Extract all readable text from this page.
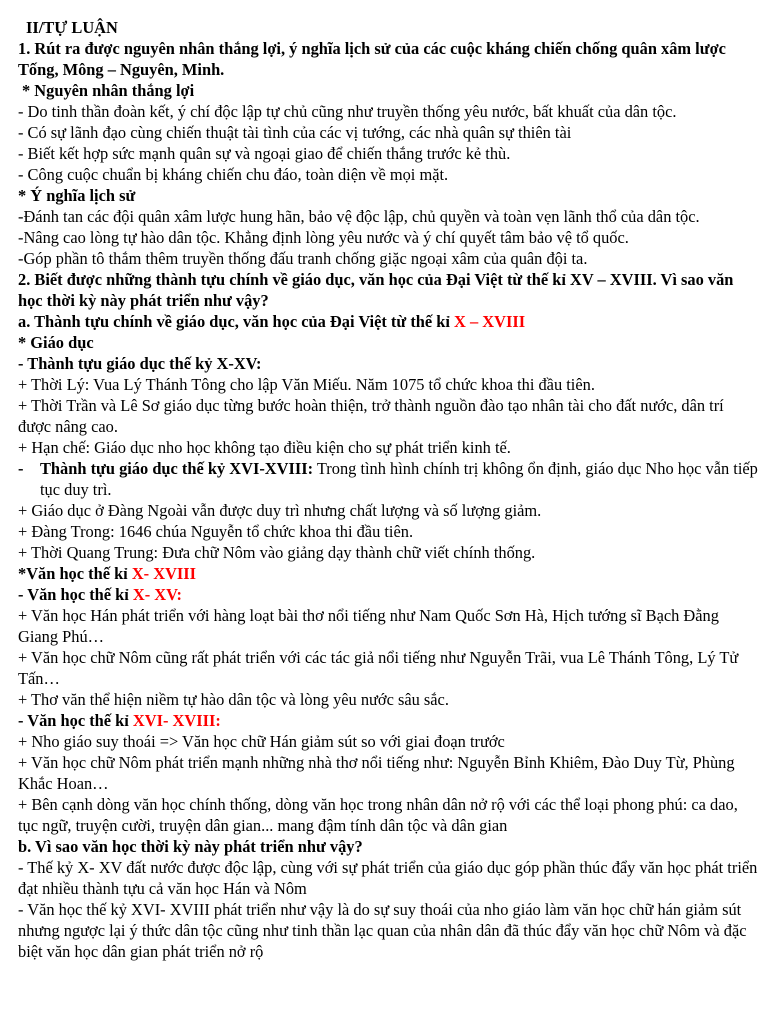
II/TỰ LUẬN

1. Rút ra được nguyên nhân thắng lợi, ý nghĩa lịch sử của các cuộc kháng chiến chống quân xâm lược Tống, Mông – Nguyên, Minh.

* Nguyên nhân thắng lợi

- Do tinh thần đoàn kết, ý chí độc lập tự chủ cũng như truyền thống yêu nước, bất khuất của dân tộc.

- Có sự lãnh đạo cùng chiến thuật tài tình của các vị tướng, các nhà quân sự thiên tài

- Biết kết hợp sức mạnh quân sự và ngoại giao để chiến thắng trước kẻ thù.

- Công cuộc chuẩn bị kháng chiến chu đáo, toàn diện về mọi mặt.

* Ý nghĩa lịch sử

-Đánh tan các đội quân xâm lược hung hãn, bảo vệ độc lập, chủ quyền và toàn vẹn lãnh thổ của dân tộc.

-Nâng cao lòng tự hào dân tộc. Khẳng định lòng yêu nước và ý chí quyết tâm bảo vệ tổ quốc.

-Góp phần tô thắm thêm truyền thống đấu tranh chống giặc ngoại xâm của quân đội ta.

2. Biết được những thành tựu chính về giáo dục, văn học của Đại Việt từ thế kỉ XV – XVIII. Vì sao văn học thời kỳ này phát triển như vậy?

a. Thành tựu chính về giáo dục, văn học của Đại Việt từ thế kỉ X – XVIII

* Giáo dục

- Thành tựu giáo dục thế kỷ X-XV:

+ Thời Lý: Vua Lý Thánh Tông cho lập Văn Miếu. Năm 1075 tổ chức khoa thi đầu tiên.

+ Thời Trần và Lê Sơ giáo dục từng bước hoàn thiện, trở thành nguồn đào tạo nhân tài cho đất nước, dân trí được nâng cao.

+ Hạn chế: Giáo dục nho học không tạo điều kiện cho sự phát triển kinh tế.

-	Thành tựu giáo dục thế kỷ XVI-XVIII: Trong tình hình chính trị không ổn định, giáo dục Nho học vẫn tiếp tục duy trì.

+ Giáo dục ở Đàng Ngoài vẫn được duy trì nhưng chất lượng và số lượng giảm.

+ Đàng Trong: 1646 chúa Nguyễn tổ chức khoa thi đầu tiên.

+ Thời Quang Trung: Đưa chữ Nôm vào giảng dạy thành chữ viết chính thống.

*Văn học thế kỉ X- XVIII

- Văn học thế kỉ X- XV:

+ Văn học Hán phát triển với hàng loạt bài thơ nổi tiếng như Nam Quốc Sơn Hà, Hịch tướng sĩ Bạch Đằng Giang Phú…

+ Văn học chữ Nôm cũng rất phát triển với các tác giả nổi tiếng như Nguyễn Trãi, vua Lê Thánh Tông, Lý Tử Tấn…

+ Thơ văn thể hiện niềm tự hào dân tộc và lòng yêu nước sâu sắc.

- Văn học thế kỉ XVI- XVIII:

+ Nho giáo suy thoái => Văn học chữ Hán giảm sút so với giai đoạn trước

+ Văn học chữ Nôm phát triển mạnh những nhà thơ nổi tiếng như: Nguyễn Bỉnh Khiêm, Đào Duy Từ, Phùng Khắc Hoan…

+ Bên cạnh dòng văn học chính thống, dòng văn học trong nhân dân nở rộ với các thể loại phong phú: ca dao, tục ngữ, truyện cười, truyện dân gian... mang đậm tính dân tộc và dân gian

b. Vì sao văn học thời kỳ này phát triển như vậy?

- Thế kỷ X- XV đất nước được độc lập, cùng với sự phát triển của giáo dục góp phần thúc đẩy văn học phát triển đạt nhiều thành tựu cả văn học Hán và Nôm

- Văn học thế kỷ XVI- XVIII phát triển như vậy là do sự suy thoái của nho giáo làm văn học chữ hán giảm sút nhưng ngược lại ý thức dân tộc cũng như tinh thần lạc quan của nhân dân đã thúc đẩy văn học chữ Nôm và đặc biệt văn học dân gian phát triển nở rộ
